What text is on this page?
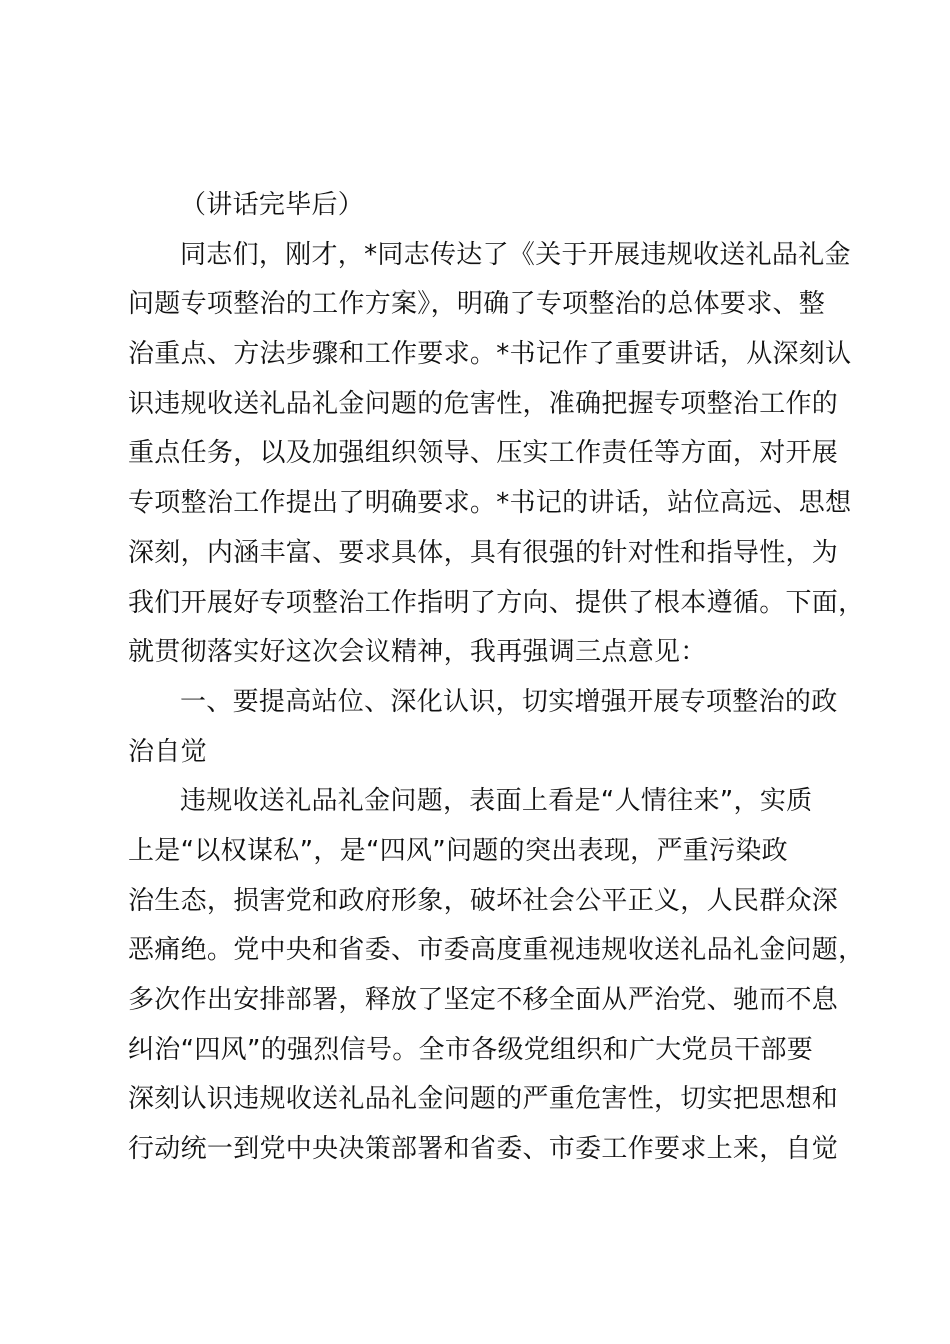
（讲话完毕后）
同志们，刚才，*同志传达了《关于开展违规收送礼品礼金
问题专项整治的工作方案》，明确了专项整治的总体要求、整
治重点、方法步骤和工作要求。*书记作了重要讲话，从深刻认
识违规收送礼品礼金问题的危害性，准确把握专项整治工作的
重点任务，以及加强组织领导、压实工作责任等方面，对开展
专项整治工作提出了明确要求。*书记的讲话，站位高远、思想
深刻，内涵丰富、要求具体，具有很强的针对性和指导性，为
我们开展好专项整治工作指明了方向、提供了根本遵循。下面，
就贯彻落实好这次会议精神，我再强调三点意见：
一、要提高站位、深化认识，切实增强开展专项整治的政
治自觉
违规收送礼品礼金问题，表面上看是“人情往来”，实质
上是“以权谋私”，是“四风”问题的突出表现，严重污染政
治生态，损害党和政府形象，破坏社会公平正义，人民群众深
恶痛绝。党中央和省委、市委高度重视违规收送礼品礼金问题，
多次作出安排部署，释放了坚定不移全面从严治党、驰而不息
纠治“四风”的强烈信号。全市各级党组织和广大党员干部要
深刻认识违规收送礼品礼金问题的严重危害性，切实把思想和
行动统一到党中央决策部署和省委、市委工作要求上来，自觉
